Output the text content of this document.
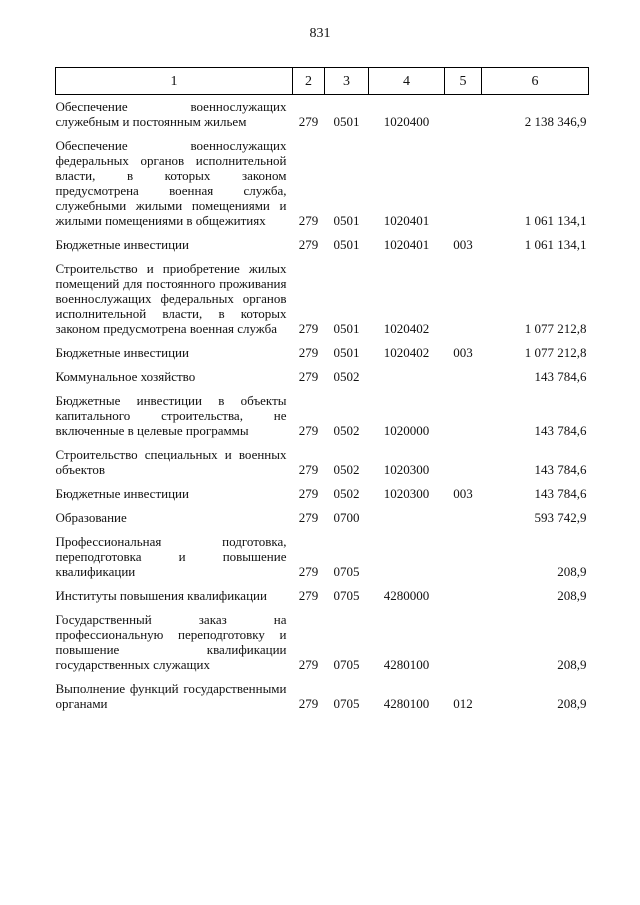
831
1	2	3	4	5	6
Обеспечение военнослужащих служебным и постоянным жильем	279	0501	1020400		2 138 346,9
Обеспечение военнослужащих федеральных органов исполнительной власти, в которых законом предусмотрена военная служба, служебными жилыми помещениями и жилыми помещениями в общежитиях	279	0501	1020401		1 061 134,1
Бюджетные инвестиции	279	0501	1020401	003	1 061 134,1
Строительство и приобретение жилых помещений для постоянного проживания военнослужащих федеральных органов исполнительной власти, в которых законом предусмотрена военная служба	279	0501	1020402		1 077 212,8
Бюджетные инвестиции	279	0501	1020402	003	1 077 212,8
Коммунальное хозяйство	279	0502			143 784,6
Бюджетные инвестиции в объекты капитального строительства, не включенные в целевые программы	279	0502	1020000		143 784,6
Строительство специальных и военных объектов	279	0502	1020300		143 784,6
Бюджетные инвестиции	279	0502	1020300	003	143 784,6
Образование	279	0700			593 742,9
Профессиональная подготовка, переподготовка и повышение квалификации	279	0705			208,9
Институты повышения квалификации	279	0705	4280000		208,9
Государственный заказ на профессиональную переподготовку и повышение квалификации государственных служащих	279	0705	4280100		208,9
Выполнение функций государственными органами	279	0705	4280100	012	208,9
